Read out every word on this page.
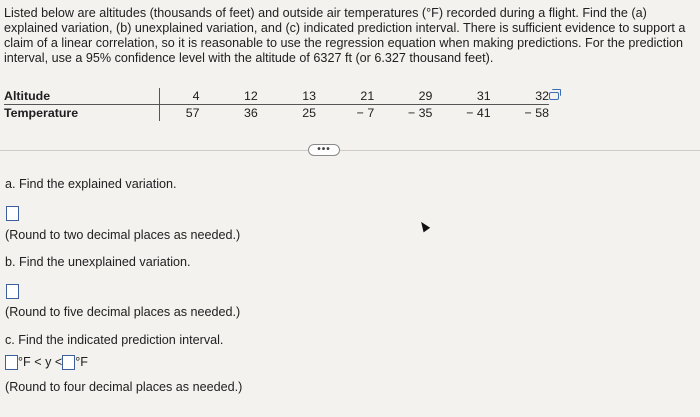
Listed below are altitudes (thousands of feet) and outside air temperatures (°F) recorded during a flight. Find the (a) explained variation, (b) unexplained variation, and (c) indicated prediction interval. There is sufficient evidence to support a claim of a linear correlation, so it is reasonable to use the regression equation when making predictions. For the prediction interval, use a 95% confidence level with the altitude of 6327 ft (or 6.327 thousand feet).
Altitude	4	12	13	21	29	31	32
Temperature	57	36	25	− 7	− 35	− 41	− 58
•••
a. Find the explained variation.
(Round to two decimal places as needed.)
b. Find the unexplained variation.
(Round to five decimal places as needed.)
c. Find the indicated prediction interval.
°F < y < °F
(Round to four decimal places as needed.)
